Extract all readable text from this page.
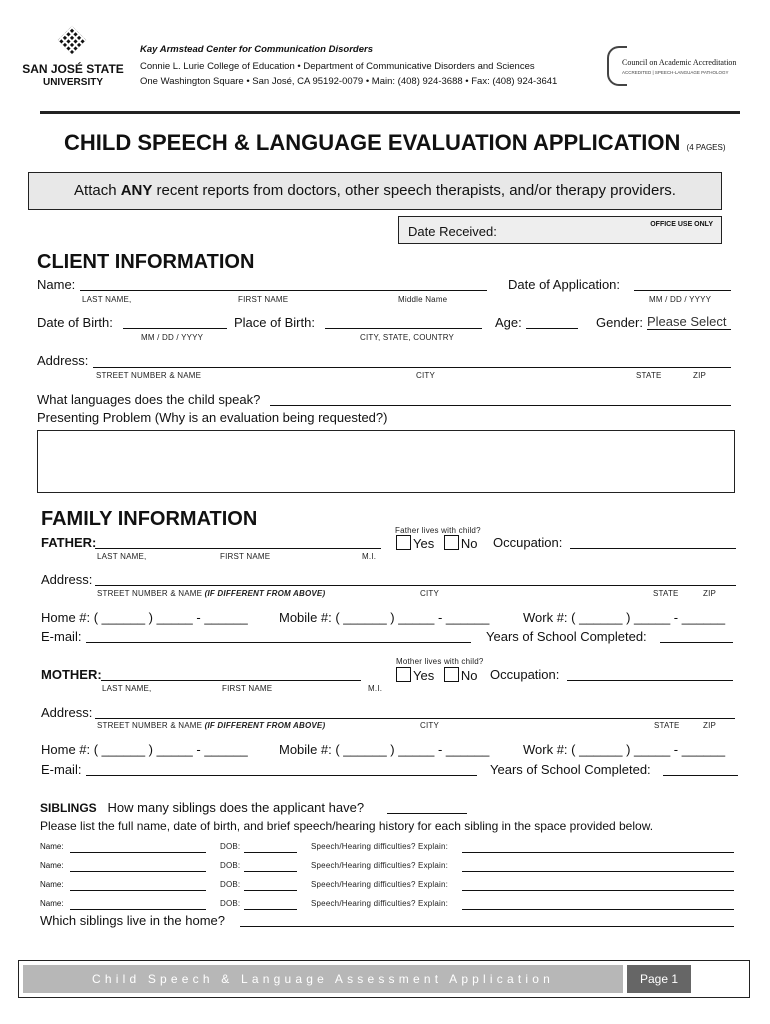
SAN JOSÉ STATE
UNIVERSITY
Kay Armstead Center for Communication Disorders
Connie L. Lurie College of Education • Department of Communicative Disorders and Sciences
One Washington Square • San José, CA 95192-0079 • Main: (408) 924-3688 • Fax: (408) 924-3641
Council on Academic Accreditation
ACCREDITED | SPEECH-LANGUAGE PATHOLOGY
CHILD SPEECH & LANGUAGE EVALUATION APPLICATION (4 PAGES)
Attach ANY recent reports from doctors, other speech therapists, and/or therapy providers.
Date Received:	OFFICE USE ONLY
CLIENT INFORMATION
Name:
LAST NAME,	FIRST NAME	Middle Name
Date of Application:
MM / DD / YYYY
Date of Birth:
MM / DD / YYYY
Place of Birth:
CITY, STATE, COUNTRY
Age:	Gender: Please Select
Address:
STREET NUMBER & NAME	CITY	STATE	ZIP
What languages does the child speak?
Presenting Problem (Why is an evaluation being requested?)
FAMILY INFORMATION
Father lives with child?
FATHER:
LAST NAME,	FIRST NAME	M.I.
Yes No Occupation:
Address:
STREET NUMBER & NAME (IF DIFFERENT FROM ABOVE)	CITY	STATE	ZIP
Home #: ( ______ ) _____ - ______ Mobile #: ( ______ ) _____ - ______	Work #: ( ______ ) _____ - ______
E-mail:	Years of School Completed:
Mother lives with child?
MOTHER:
LAST NAME,	FIRST NAME	M.I.
Yes No Occupation:
Address:
STREET NUMBER & NAME (IF DIFFERENT FROM ABOVE)	CITY	STATE	ZIP
Home #: ( ______ ) _____ - ______ Mobile #: ( ______ ) _____ - ______	Work #: ( ______ ) _____ - ______
E-mail:	Years of School Completed:
SIBLINGS How many siblings does the applicant have?
Please list the full name, date of birth, and brief speech/hearing history for each sibling in the space provided below.
Name:	DOB:	Speech/Hearing difficulties? Explain:
Name:	DOB:	Speech/Hearing difficulties? Explain:
Name:	DOB:	Speech/Hearing difficulties? Explain:
Name:	DOB:	Speech/Hearing difficulties? Explain:
Which siblings live in the home?
Child Speech & Language Assessment Application	Page 1
